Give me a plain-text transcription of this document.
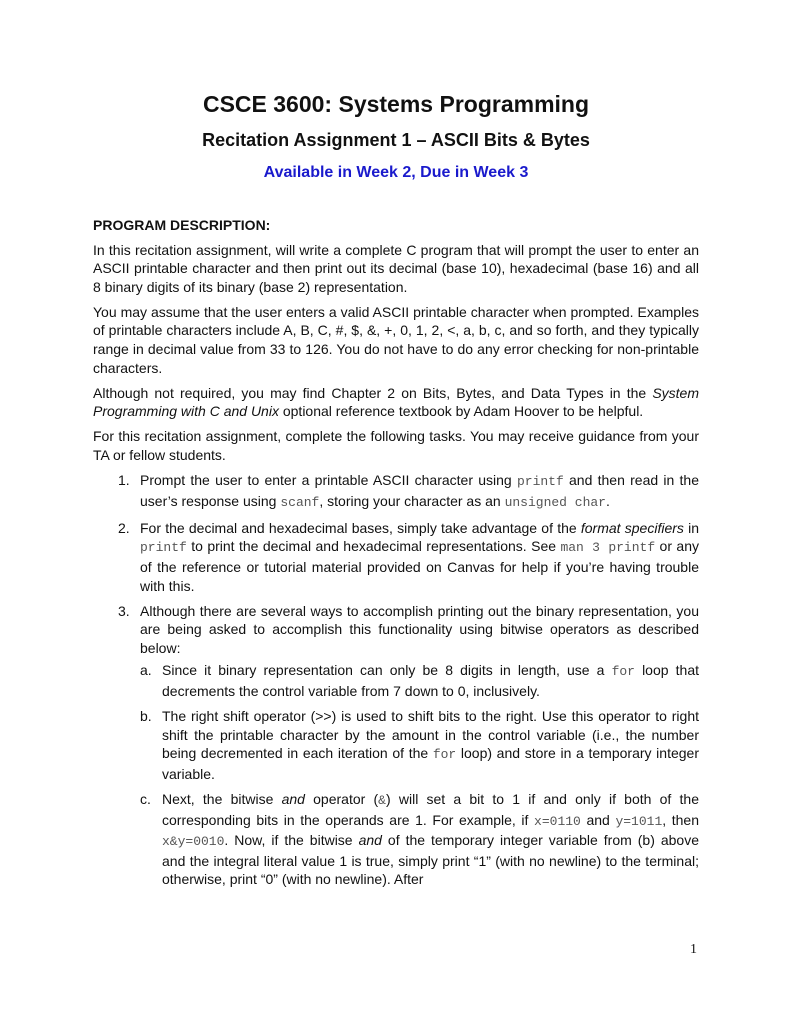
CSCE 3600: Systems Programming
Recitation Assignment 1 – ASCII Bits & Bytes
Available in Week 2, Due in Week 3
PROGRAM DESCRIPTION:

In this recitation assignment, will write a complete C program that will prompt the user to enter an ASCII printable character and then print out its decimal (base 10), hexadecimal (base 16) and all 8 binary digits of its binary (base 2) representation.

You may assume that the user enters a valid ASCII printable character when prompted. Examples of printable characters include A, B, C, #, $, &, +, 0, 1, 2, <, a, b, c, and so forth, and they typically range in decimal value from 33 to 126. You do not have to do any error checking for non-printable characters.

Although not required, you may find Chapter 2 on Bits, Bytes, and Data Types in the System Programming with C and Unix optional reference textbook by Adam Hoover to be helpful.

For this recitation assignment, complete the following tasks. You may receive guidance from your TA or fellow students.

1. Prompt the user to enter a printable ASCII character using printf and then read in the user’s response using scanf, storing your character as an unsigned char.
2. For the decimal and hexadecimal bases, simply take advantage of the format specifiers in printf to print the decimal and hexadecimal representations. See man 3 printf or any of the reference or tutorial material provided on Canvas for help if you’re having trouble with this.
3. Although there are several ways to accomplish printing out the binary representation, you are being asked to accomplish this functionality using bitwise operators as described below:
a. Since it binary representation can only be 8 digits in length, use a for loop that decrements the control variable from 7 down to 0, inclusively.
b. The right shift operator (>>) is used to shift bits to the right. Use this operator to right shift the printable character by the amount in the control variable (i.e., the number being decremented in each iteration of the for loop) and store in a temporary integer variable.
c. Next, the bitwise and operator (&) will set a bit to 1 if and only if both of the corresponding bits in the operands are 1. For example, if x=0110 and y=1011, then x&y=0010. Now, if the bitwise and of the temporary integer variable from (b) above and the integral literal value 1 is true, simply print “1” (with no newline) to the terminal; otherwise, print “0” (with no newline). After
1
